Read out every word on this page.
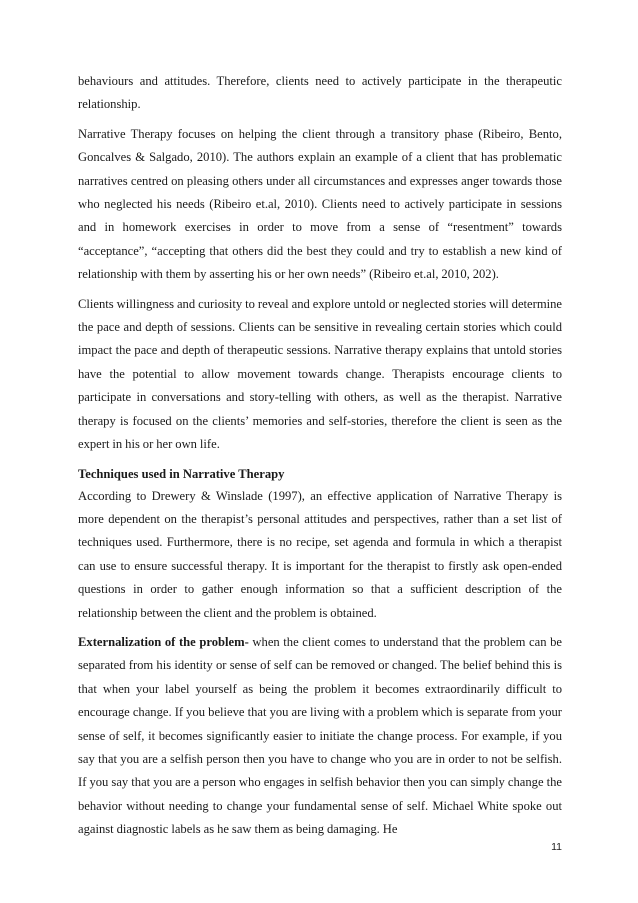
behaviours and attitudes. Therefore, clients need to actively participate in the therapeutic relationship.

Narrative Therapy focuses on helping the client through a transitory phase (Ribeiro, Bento, Goncalves & Salgado, 2010). The authors explain an example of a client that has problematic narratives centred on pleasing others under all circumstances and expresses anger towards those who neglected his needs (Ribeiro et.al, 2010). Clients need to actively participate in sessions and in homework exercises in order to move from a sense of “resentment” towards “acceptance”, “accepting that others did the best they could and try to establish a new kind of relationship with them by asserting his or her own needs” (Ribeiro et.al, 2010, 202).

Clients willingness and curiosity to reveal and explore untold or neglected stories will determine the pace and depth of sessions. Clients can be sensitive in revealing certain stories which could impact the pace and depth of therapeutic sessions. Narrative therapy explains that untold stories have the potential to allow movement towards change. Therapists encourage clients to participate in conversations and story-telling with others, as well as the therapist. Narrative therapy is focused on the clients’ memories and self-stories, therefore the client is seen as the expert in his or her own life.

Techniques used in Narrative Therapy

According to Drewery & Winslade (1997), an effective application of Narrative Therapy is more dependent on the therapist’s personal attitudes and perspectives, rather than a set list of techniques used. Furthermore, there is no recipe, set agenda and formula in which a therapist can use to ensure successful therapy. It is important for the therapist to firstly ask open-ended questions in order to gather enough information so that a sufficient description of the relationship between the client and the problem is obtained.

Externalization of the problem- when the client comes to understand that the problem can be separated from his identity or sense of self can be removed or changed. The belief behind this is that when your label yourself as being the problem it becomes extraordinarily difficult to encourage change. If you believe that you are living with a problem which is separate from your sense of self, it becomes significantly easier to initiate the change process. For example, if you say that you are a selfish person then you have to change who you are in order to not be selfish. If you say that you are a person who engages in selfish behavior then you can simply change the behavior without needing to change your fundamental sense of self. Michael White spoke out against diagnostic labels as he saw them as being damaging. He

11
